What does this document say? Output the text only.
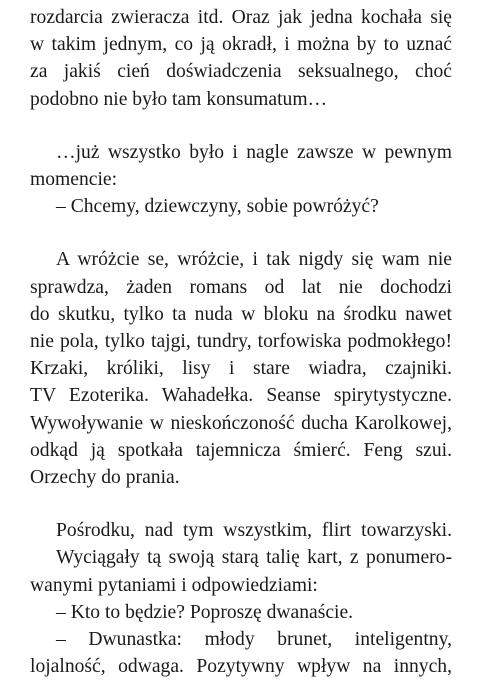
rozdarcia zwieracza itd. Oraz jak jedna kochała się
w takim jednym, co ją okradł, i można by to uznać
za jakiś cień doświadczenia seksualnego, choć
podobno nie było tam konsumatum…
…już wszystko było i nagle zawsze w pewnym
momencie:
– Chcemy, dziewczyny, sobie powróżyć?
A wróżcie se, wróżcie, i tak nigdy się wam nie
sprawdza, żaden romans od lat nie dochodzi
do skutku, tylko ta nuda w bloku na środku nawet
nie pola, tylko tajgi, tundry, torfowiska podmokłego!
Krzaki, króliki, lisy i stare wiadra, czajniki.
TV Ezoterika. Wahadełka. Seanse spirytystyczne.
Wywoływanie w nieskończoność ducha Karolkowej,
odkąd ją spotkała tajemnicza śmierć. Feng szui.
Orzechy do prania.
Pośrodku, nad tym wszystkim, flirt towarzyski.
Wyciągały tą swoją starą talię kart, z ponumero-
wanymi pytaniami i odpowiedziami:
– Kto to będzie? Poproszę dwanaście.
– Dwunastka: młody brunet, inteligentny,
lojalność, odwaga. Pozytywny wpływ na innych,
